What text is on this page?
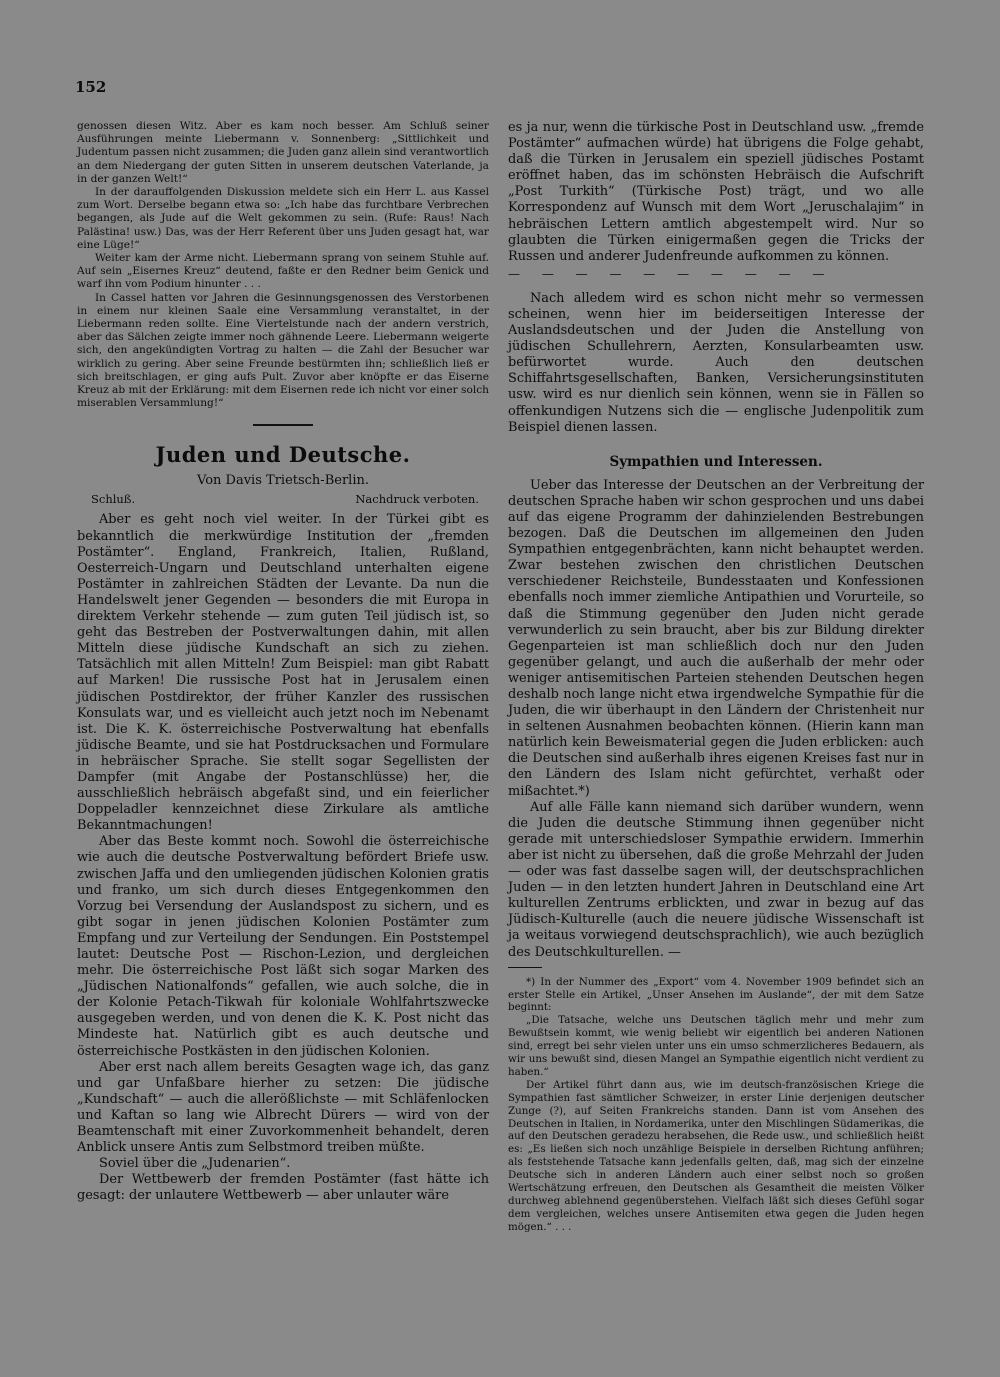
152

genossen diesen Witz. Aber es kam noch besser. Am Schluß seiner Ausführungen meinte Liebermann v. Sonnenberg: „Sittlichkeit und Judentum passen nicht zusammen; die Juden ganz allein sind verantwortlich an dem Niedergang der guten Sitten in unserem deutschen Vaterlande, ja in der ganzen Welt!“

In der darauffolgenden Diskussion meldete sich ein Herr L. aus Kassel zum Wort. Derselbe begann etwa so: „Ich habe das furchtbare Verbrechen begangen, als Jude auf die Welt gekommen zu sein. (Rufe: Raus! Nach Palästina! usw.) Das, was der Herr Referent über uns Juden gesagt hat, war eine Lüge!“

Weiter kam der Arme nicht. Liebermann sprang von seinem Stuhle auf. Auf sein „Eisernes Kreuz“ deutend, faßte er den Redner beim Genick und warf ihn vom Podium hinunter . . .

In Cassel hatten vor Jahren die Gesinnungsgenossen des Verstorbenen in einem nur kleinen Saale eine Versammlung veranstaltet, in der Liebermann reden sollte. Eine Viertelstunde nach der andern verstrich, aber das Sälchen zeigte immer noch gähnende Leere. Liebermann weigerte sich, den angekündigten Vortrag zu halten — die Zahl der Besucher war wirklich zu gering. Aber seine Freunde bestürmten ihn; schließlich ließ er sich breitschlagen, er ging aufs Pult. Zuvor aber knöpfte er das Eiserne Kreuz ab mit der Erklärung: mit dem Eisernen rede ich nicht vor einer solch miserablen Versammlung!“

Juden und Deutsche.
Von Davis Trietsch-Berlin.
Schluß.	Nachdruck verboten.

Aber es geht noch viel weiter. In der Türkei gibt es bekanntlich die merkwürdige Institution der „fremden Postämter“. England, Frankreich, Italien, Rußland, Oesterreich-Ungarn und Deutschland unterhalten eigene Postämter in zahlreichen Städten der Levante. Da nun die Handelswelt jener Gegenden — besonders die mit Europa in direktem Verkehr stehende — zum guten Teil jüdisch ist, so geht das Bestreben der Postverwaltungen dahin, mit allen Mitteln diese jüdische Kundschaft an sich zu ziehen. Tatsächlich mit allen Mitteln! Zum Beispiel: man gibt Rabatt auf Marken! Die russische Post hat in Jerusalem einen jüdischen Postdirektor, der früher Kanzler des russischen Konsulats war, und es vielleicht auch jetzt noch im Nebenamt ist. Die K. K. österreichische Postverwaltung hat ebenfalls jüdische Beamte, und sie hat Postdrucksachen und Formulare in hebräischer Sprache. Sie stellt sogar Segellisten der Dampfer (mit Angabe der Postanschlüsse) her, die ausschließlich hebräisch abgefaßt sind, und ein feierlicher Doppeladler kennzeichnet diese Zirkulare als amtliche Bekanntmachungen!

Aber das Beste kommt noch. Sowohl die österreichische wie auch die deutsche Postverwaltung befördert Briefe usw. zwischen Jaffa und den umliegenden jüdischen Kolonien gratis und franko, um sich durch dieses Entgegenkommen den Vorzug bei Versendung der Auslandspost zu sichern, und es gibt sogar in jenen jüdischen Kolonien Postämter zum Empfang und zur Verteilung der Sendungen. Ein Poststempel lautet: Deutsche Post — Rischon-Lezion, und dergleichen mehr. Die österreichische Post läßt sich sogar Marken des „Jüdischen Nationalfonds“ gefallen, wie auch solche, die in der Kolonie Petach-Tikwah für koloniale Wohlfahrtszwecke ausgegeben werden, und von denen die K. K. Post nicht das Mindeste hat. Natürlich gibt es auch deutsche und österreichische Postkästen in den jüdischen Kolonien.

Aber erst nach allem bereits Gesagten wage ich, das ganz und gar Unfaßbare hierher zu setzen: Die jüdische „Kundschaft“ — auch die allerößlichste — mit Schläfenlocken und Kaftan so lang wie Albrecht Dürers — wird von der Beamtenschaft mit einer Zuvorkommenheit behandelt, deren Anblick unsere Antis zum Selbstmord treiben müßte.

Soviel über die „Judenarien“.

Der Wettbewerb der fremden Postämter (fast hätte ich gesagt: der unlautere Wettbewerb — aber unlauter wäre

es ja nur, wenn die türkische Post in Deutschland usw. „fremde Postämter“ aufmachen würde) hat übrigens die Folge gehabt, daß die Türken in Jerusalem ein speziell jüdisches Postamt eröffnet haben, das im schönsten Hebräisch die Aufschrift „Post Turkith“ (Türkische Post) trägt, und wo alle Korrespondenz auf Wunsch mit dem Wort „Jeruschalajim“ in hebräischen Lettern amtlich abgestempelt wird. Nur so glaubten die Türken einigermaßen gegen die Tricks der Russen und anderer Judenfreunde aufkommen zu können.

— — — — — — — — — —

Nach alledem wird es schon nicht mehr so vermessen scheinen, wenn hier im beiderseitigen Interesse der Auslandsdeutschen und der Juden die Anstellung von jüdischen Schullehrern, Aerzten, Konsularbeamten usw. befürwortet wurde. Auch den deutschen Schiffahrtsgesellschaften, Banken, Versicherungsinstituten usw. wird es nur dienlich sein können, wenn sie in Fällen so offenkundigen Nutzens sich die — englische Judenpolitik zum Beispiel dienen lassen.

Sympathien und Interessen.

Ueber das Interesse der Deutschen an der Verbreitung der deutschen Sprache haben wir schon gesprochen und uns dabei auf das eigene Programm der dahinzielenden Bestrebungen bezogen. Daß die Deutschen im allgemeinen den Juden Sympathien entgegenbrächten, kann nicht behauptet werden. Zwar bestehen zwischen den christlichen Deutschen verschiedener Reichsteile, Bundesstaaten und Konfessionen ebenfalls noch immer ziemliche Antipathien und Vorurteile, so daß die Stimmung gegenüber den Juden nicht gerade verwunderlich zu sein braucht, aber bis zur Bildung direkter Gegenparteien ist man schließlich doch nur den Juden gegenüber gelangt, und auch die außerhalb der mehr oder weniger antisemitischen Parteien stehenden Deutschen hegen deshalb noch lange nicht etwa irgendwelche Sympathie für die Juden, die wir überhaupt in den Ländern der Christenheit nur in seltenen Ausnahmen beobachten können. (Hierin kann man natürlich kein Beweismaterial gegen die Juden erblicken: auch die Deutschen sind außerhalb ihres eigenen Kreises fast nur in den Ländern des Islam nicht gefürchtet, verhaßt oder mißachtet.*)

Auf alle Fälle kann niemand sich darüber wundern, wenn die Juden die deutsche Stimmung ihnen gegenüber nicht gerade mit unterschiedsloser Sympathie erwidern. Immerhin aber ist nicht zu übersehen, daß die große Mehrzahl der Juden — oder was fast dasselbe sagen will, der deutschsprachlichen Juden — in den letzten hundert Jahren in Deutschland eine Art kulturellen Zentrums erblickten, und zwar in bezug auf das Jüdisch-Kulturelle (auch die neuere jüdische Wissenschaft ist ja weitaus vorwiegend deutschsprachlich), wie auch bezüglich des Deutschkulturellen. —

*) In der Nummer des „Export“ vom 4. November 1909 befindet sich an erster Stelle ein Artikel, „Unser Ansehen im Auslande“, der mit dem Satze beginnt:

„Die Tatsache, welche uns Deutschen täglich mehr und mehr zum Bewußtsein kommt, wie wenig beliebt wir eigentlich bei anderen Nationen sind, erregt bei sehr vielen unter uns ein umso schmerzlicheres Bedauern, als wir uns bewußt sind, diesen Mangel an Sympathie eigentlich nicht verdient zu haben.“

Der Artikel führt dann aus, wie im deutsch-französischen Kriege die Sympathien fast sämtlicher Schweizer, in erster Linie derjenigen deutscher Zunge (?), auf Seiten Frankreichs standen. Dann ist vom Ansehen des Deutschen in Italien, in Nordamerika, unter den Mischlingen Südamerikas, die auf den Deutschen geradezu herabsehen, die Rede usw., und schließlich heißt es: „Es ließen sich noch unzählige Beispiele in derselben Richtung anführen; als feststehende Tatsache kann jedenfalls gelten, daß, mag sich der einzelne Deutsche sich in anderen Ländern auch einer selbst noch so großen Wertschätzung erfreuen, den Deutschen als Gesamtheit die meisten Völker durchweg ablehnend gegenüberstehen. Vielfach läßt sich dieses Gefühl sogar dem vergleichen, welches unsere Antisemiten etwa gegen die Juden hegen mögen.“ . . .
